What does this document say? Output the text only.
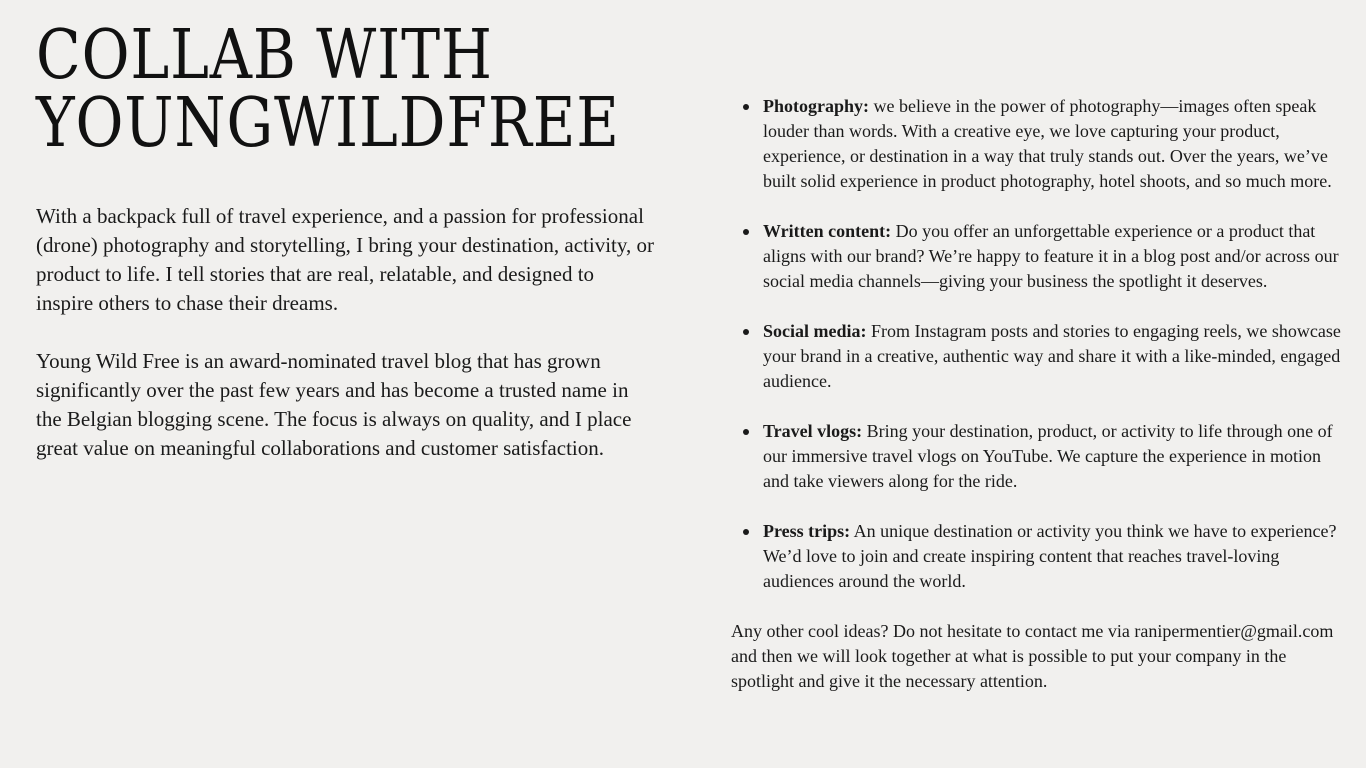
COLLAB WITH
YOUNGWILDFREE

With a backpack full of travel experience, and a passion for professional (drone) photography and storytelling, I bring your destination, activity, or product to life. I tell stories that are real, relatable, and designed to inspire others to chase their dreams.

Young Wild Free is an award-nominated travel blog that has grown significantly over the past few years and has become a trusted name in the Belgian blogging scene. The focus is always on quality, and I place great value on meaningful collaborations and customer satisfaction.

Photography: we believe in the power of photography—images often speak louder than words. With a creative eye, we love capturing your product, experience, or destination in a way that truly stands out. Over the years, we’ve built solid experience in product photography, hotel shoots, and so much more.
Written content: Do you offer an unforgettable experience or a product that aligns with our brand? We’re happy to feature it in a blog post and/or across our social media channels—giving your business the spotlight it deserves.
Social media: From Instagram posts and stories to engaging reels, we showcase your brand in a creative, authentic way and share it with a like-minded, engaged audience.
Travel vlogs: Bring your destination, product, or activity to life through one of our immersive travel vlogs on YouTube. We capture the experience in motion and take viewers along for the ride.
Press trips: An unique destination or activity you think we have to experience? We’d love to join and create inspiring content that reaches travel-loving audiences around the world.

Any other cool ideas? Do not hesitate to contact me via ranipermentier@gmail.com and then we will look together at what is possible to put your company in the spotlight and give it the necessary attention.
